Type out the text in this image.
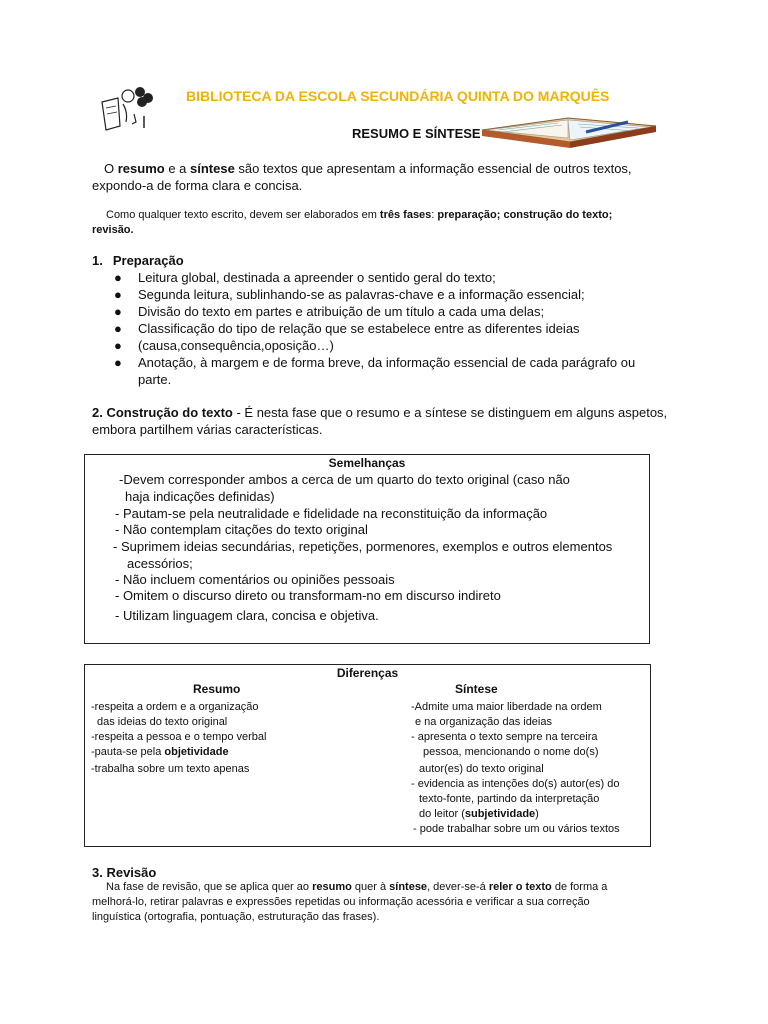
BIBLIOTECA DA ESCOLA SECUNDÁRIA QUINTA DO MARQUÊS
RESUMO E SÍNTESE
O resumo e a síntese são textos que apresentam a informação essencial de outros textos,
expondo-a de forma clara e concisa.
Como qualquer texto escrito, devem ser elaborados em três fases: preparação; construção do texto;
revisão.
1. Preparação
● Leitura global, destinada a apreender o sentido geral do texto;
● Segunda leitura, sublinhando-se as palavras-chave e a informação essencial;
● Divisão do texto em partes e atribuição de um título a cada uma delas;
● Classificação do tipo de relação que se estabelece entre as diferentes ideias
● (causa,consequência,oposição…)
● Anotação, à margem e de forma breve, da informação essencial de cada parágrafo ou
parte.
2. Construção do texto - É nesta fase que o resumo e a síntese se distinguem em alguns aspetos,
embora partilhem várias características.
Semelhanças
-Devem corresponder ambos a cerca de um quarto do texto original (caso não
haja indicações definidas)
- Pautam-se pela neutralidade e fidelidade na reconstituição da informação
- Não contemplam citações do texto original
- Suprimem ideias secundárias, repetições, pormenores, exemplos e outros elementos
acessórios;
- Não incluem comentários ou opiniões pessoais
- Omitem o discurso direto ou transformam-no em discurso indireto
- Utilizam linguagem clara, concisa e objetiva.
Diferenças
Resumo	Síntese
-respeita a ordem e a organização
das ideias do texto original
-respeita a pessoa e o tempo verbal
-pauta-se pela objetividade
-trabalha sobre um texto apenas
-Admite uma maior liberdade na ordem
e na organização das ideias
- apresenta o texto sempre na terceira
pessoa, mencionando o nome do(s)
autor(es) do texto original
- evidencia as intenções do(s) autor(es) do
texto-fonte, partindo da interpretação
do leitor (subjetividade)
- pode trabalhar sobre um ou vários textos
3. Revisão
Na fase de revisão, que se aplica quer ao resumo quer à síntese, dever-se-á reler o texto de forma a
melhorá-lo, retirar palavras e expressões repetidas ou informação acessória e verificar a sua correção
linguística (ortografia, pontuação, estruturação das frases).
